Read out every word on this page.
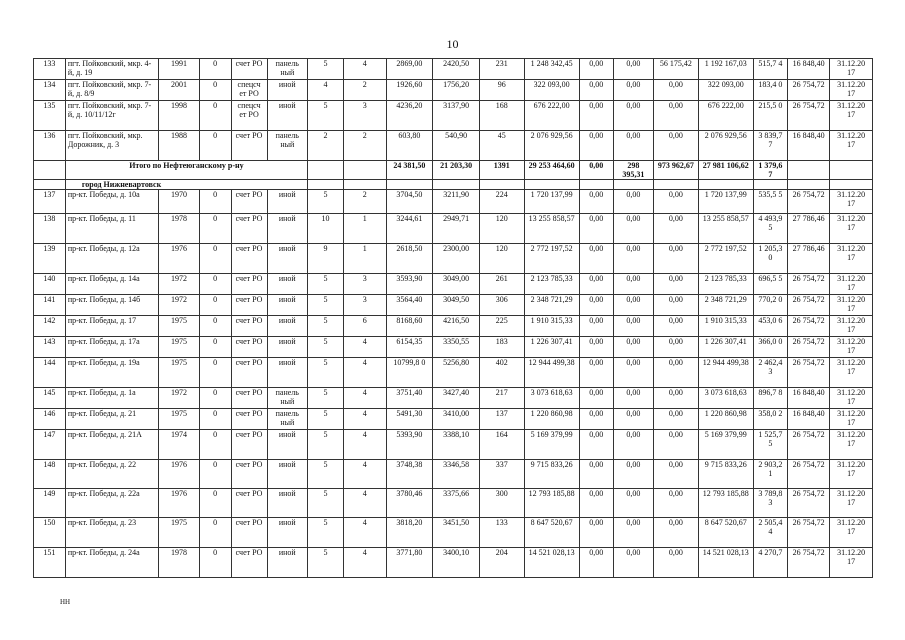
10
133	пгт. Пойковский, мкр. 4-й, д. 19	1991	0	счет РО	панель ный	5	4	2869,00	2420,50	231	1 248 342,45	0,00	0,00	56 175,42	1 192 167,03	515,7 4	16 848,40	31.12.20 17
134	пгт. Пойковский, мкр. 7-й, д. 8/9	2001	0	спецсч ет РО	иной	4	2	1926,60	1756,20	96	322 093,00	0,00	0,00	0,00	322 093,00	183,4 0	26 754,72	31.12.20 17
135	пгт. Пойковский, мкр. 7-й, д. 10/11/12г	1998	0	спецсч ет РО	иной	5	3	4236,20	3137,90	168	676 222,00	0,00	0,00	0,00	676 222,00	215,5 0	26 754,72	31.12.20 17
136	пгт. Пойковский, мкр. Дорожник, д. 3	1988	0	счет РО	панель ный	2	2	603,80	540,90	45	2 076 929,56	0,00	0,00	0,00	2 076 929,56	3 839,7 7	16 848,40	31.12.20 17
	Итого по Нефтеюганскому р-ну							24 381,50	21 203,30	1391	29 253 464,60	0,00	298 395,31	973 962,67	27 981 106,62	1 379,6 7		
	город Нижневартовск																	
137	пр-кт. Победы, д. 10а	1970	0	счет РО	иной	5	2	3704,50	3211,90	224	1 720 137,99	0,00	0,00	0,00	1 720 137,99	535,5 5	26 754,72	31.12.20 17
138	пр-кт. Победы, д. 11	1978	0	счет РО	иной	10	1	3244,61	2949,71	120	13 255 858,57	0,00	0,00	0,00	13 255 858,57	4 493,9 5	27 786,46	31.12.20 17
139	пр-кт. Победы, д. 12а	1976	0	счет РО	иной	9	1	2618,50	2300,00	120	2 772 197,52	0,00	0,00	0,00	2 772 197,52	1 205,3 0	27 786,46	31.12.20 17
140	пр-кт. Победы, д. 14а	1972	0	счет РО	иной	5	3	3593,90	3049,00	261	2 123 785,33	0,00	0,00	0,00	2 123 785,33	696,5 5	26 754,72	31.12.20 17
141	пр-кт. Победы, д. 14б	1972	0	счет РО	иной	5	3	3564,40	3049,50	306	2 348 721,29	0,00	0,00	0,00	2 348 721,29	770,2 0	26 754,72	31.12.20 17
142	пр-кт. Победы, д. 17	1975	0	счет РО	иной	5	6	8168,60	4216,50	225	1 910 315,33	0,00	0,00	0,00	1 910 315,33	453,0 6	26 754,72	31.12.20 17
143	пр-кт. Победы, д. 17а	1975	0	счет РО	иной	5	4	6154,35	3350,55	183	1 226 307,41	0,00	0,00	0,00	1 226 307,41	366,0 0	26 754,72	31.12.20 17
144	пр-кт. Победы, д. 19а	1975	0	счет РО	иной	5	4	10799,8 0	5256,80	402	12 944 499,38	0,00	0,00	0,00	12 944 499,38	2 462,4 3	26 754,72	31.12.20 17
145	пр-кт. Победы, д. 1а	1972	0	счет РО	панель ный	5	4	3751,40	3427,40	217	3 073 618,63	0,00	0,00	0,00	3 073 618,63	896,7 8	16 848,40	31.12.20 17
146	пр-кт. Победы, д. 21	1975	0	счет РО	панель ный	5	4	5491,30	3410,00	137	1 220 860,98	0,00	0,00	0,00	1 220 860,98	358,0 2	16 848,40	31.12.20 17
147	пр-кт. Победы, д. 21А	1974	0	счет РО	иной	5	4	5393,90	3388,10	164	5 169 379,99	0,00	0,00	0,00	5 169 379,99	1 525,7 5	26 754,72	31.12.20 17
148	пр-кт. Победы, д. 22	1976	0	счет РО	иной	5	4	3748,38	3346,58	337	9 715 833,26	0,00	0,00	0,00	9 715 833,26	2 903,2 1	26 754,72	31.12.20 17
149	пр-кт. Победы, д. 22а	1976	0	счет РО	иной	5	4	3780,46	3375,66	300	12 793 185,88	0,00	0,00	0,00	12 793 185,88	3 789,8 3	26 754,72	31.12.20 17
150	пр-кт. Победы, д. 23	1975	0	счет РО	иной	5	4	3818,20	3451,50	133	8 647 520,67	0,00	0,00	0,00	8 647 520,67	2 505,4 4	26 754,72	31.12.20 17
151	пр-кт. Победы, д. 24а	1978	0	счет РО	иной	5	4	3771,80	3400,10	204	14 521 028,13	0,00	0,00	0,00	14 521 028,13	4 270,7	26 754,72	31.12.20 17
НН
